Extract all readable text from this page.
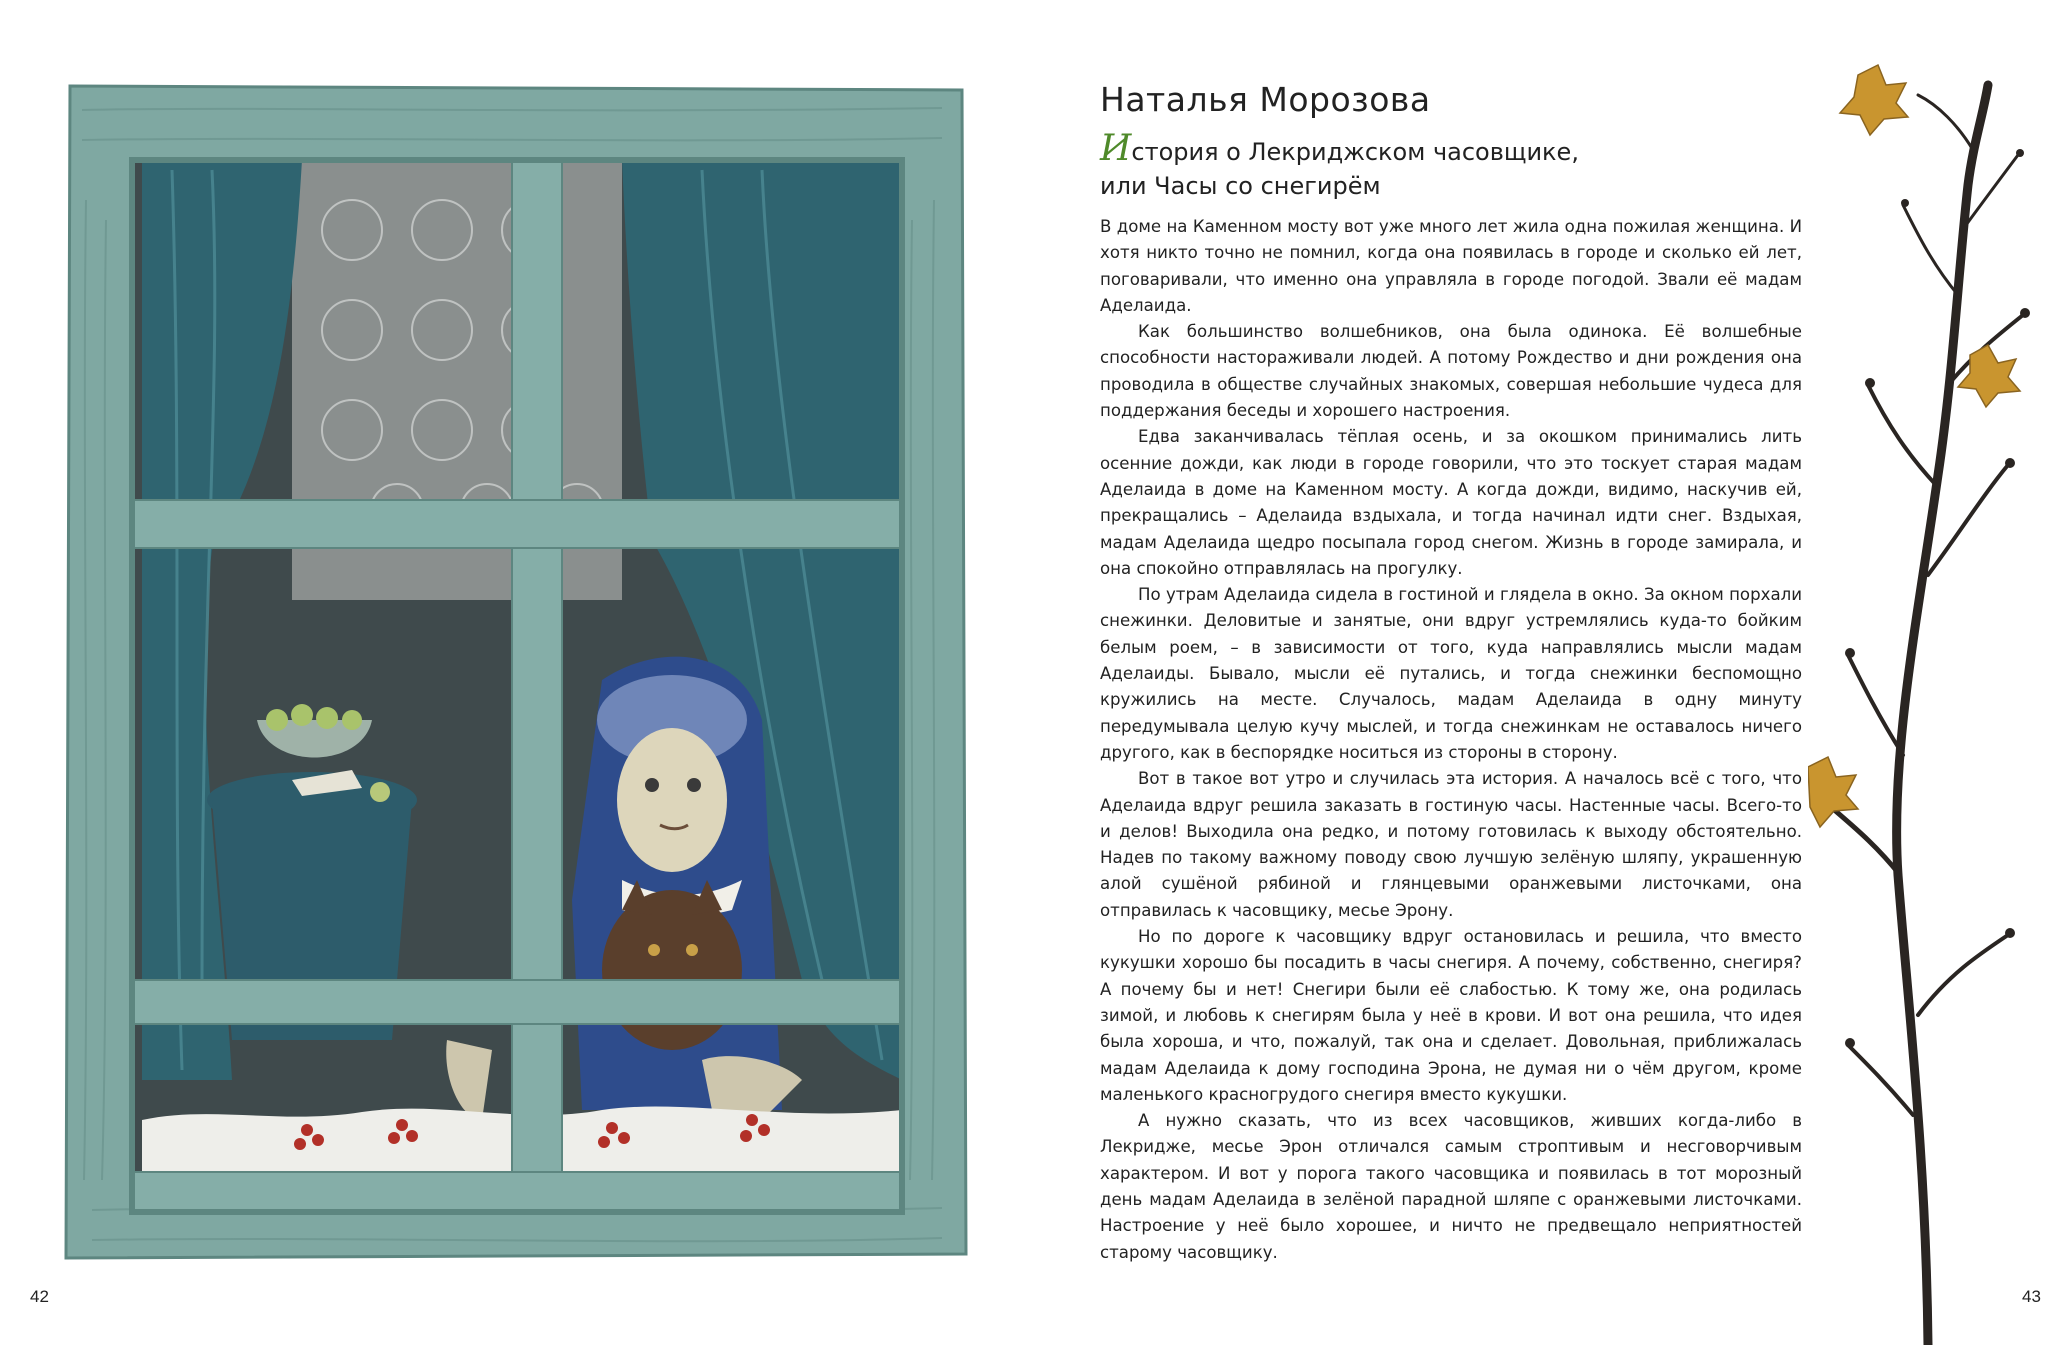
42
Наталья Морозова
История о Лекриджском часовщике,
или Часы со снегирём

В доме на Каменном мосту вот уже много лет жила одна пожилая женщина. И хотя никто точно не помнил, когда она появилась в городе и сколько ей лет, поговаривали, что именно она управляла в городе погодой. Звали её мадам Аделаида.

Как большинство волшебников, она была одинока. Её волшебные способности настораживали людей. А потому Рождество и дни рождения она проводила в обществе случайных знакомых, совершая небольшие чудеса для поддержания беседы и хорошего настроения.

Едва заканчивалась тёплая осень, и за окошком принимались лить осенние дожди, как люди в городе говорили, что это тоскует старая мадам Аделаида в доме на Каменном мосту. А когда дожди, видимо, наскучив ей, прекращались – Аделаида вздыхала, и тогда начинал идти снег. Вздыхая, мадам Аделаида щедро посыпала город снегом. Жизнь в городе замирала, и она спокойно отправлялась на прогулку.

По утрам Аделаида сидела в гостиной и глядела в окно. За окном порхали снежинки. Деловитые и занятые, они вдруг устремлялись куда-то бойким белым роем, – в зависимости от того, куда направлялись мысли мадам Аделаиды. Бывало, мысли её путались, и тогда снежинки беспомощно кружились на месте. Случалось, мадам Аделаида в одну минуту передумывала целую кучу мыслей, и тогда снежинкам не оставалось ничего другого, как в беспорядке носиться из стороны в сторону.

Вот в такое вот утро и случилась эта история. А началось всё с того, что Аделаида вдруг решила заказать в гостиную часы. Настенные часы. Всего-то и делов! Выходила она редко, и потому готовилась к выходу обстоятельно. Надев по такому важному поводу свою лучшую зелёную шляпу, украшенную алой сушёной рябиной и глянцевыми оранжевыми листочками, она отправилась к часовщику, месье Эрону.

Но по дороге к часовщику вдруг остановилась и решила, что вместо кукушки хорошо бы посадить в часы снегиря. А почему, собственно, снегиря? А почему бы и нет! Снегири были её слабостью. К тому же, она родилась зимой, и любовь к снегирям была у неё в крови. И вот она решила, что идея была хороша, и что, пожалуй, так она и сделает. Довольная, приближалась мадам Аделаида к дому господина Эрона, не думая ни о чём другом, кроме маленького красногрудого снегиря вместо кукушки.

А нужно сказать, что из всех часовщиков, живших когда-либо в Лекридже, месье Эрон отличался самым строптивым и несговорчивым характером. И вот у порога такого часовщика и появилась в тот морозный день мадам Аделаида в зелёной парадной шляпе с оранжевыми листочками. Настроение у неё было хорошее, и ничто не предвещало неприятностей старому часовщику.

43
